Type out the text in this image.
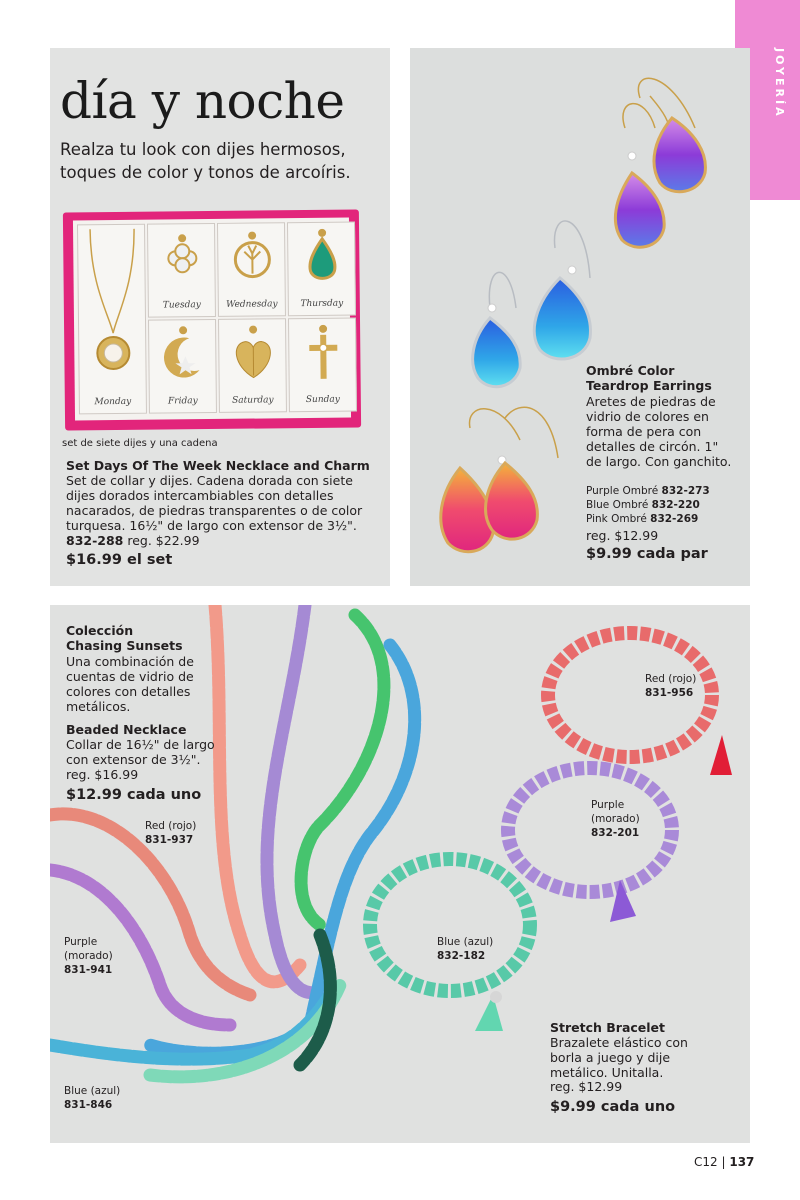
JOYERÍA
día y noche
Realza tu look con dijes hermosos, toques de color y tonos de arcoíris.
Monday
Tuesday	Wednesday	Thursday
Friday	Saturday	Sunday
set de siete dijes y una cadena
Set Days Of The Week Necklace and Charm
Set de collar y dijes. Cadena dorada con siete dijes dorados intercambiables con detalles nacarados, de piedras transparentes o de color turquesa. 16½" de largo con extensor de 3½". 832-288 reg. $22.99
$16.99 el set
Ombré Color
Teardrop Earrings
Aretes de piedras de vidrio de colores en forma de pera con detalles de circón. 1" de largo. Con ganchito.
Purple Ombré 832-273
Blue Ombré 832-220
Pink Ombré 832-269
reg. $12.99
$9.99 cada par
Colección
Chasing Sunsets
Una combinación de cuentas de vidrio de colores con detalles metálicos.
Beaded Necklace
Collar de 16½" de largo con extensor de 3½".
reg. $16.99
$12.99 cada uno
Red (rojo)
831-937
Purple
(morado)
831-941
Blue (azul)
831-846
Red (rojo)
831-956
Purple
(morado)
832-201
Blue (azul)
832-182
Stretch Bracelet
Brazalete elástico con borla a juego y dije metálico. Unitalla.
reg. $12.99
$9.99 cada uno
C12 | 137
